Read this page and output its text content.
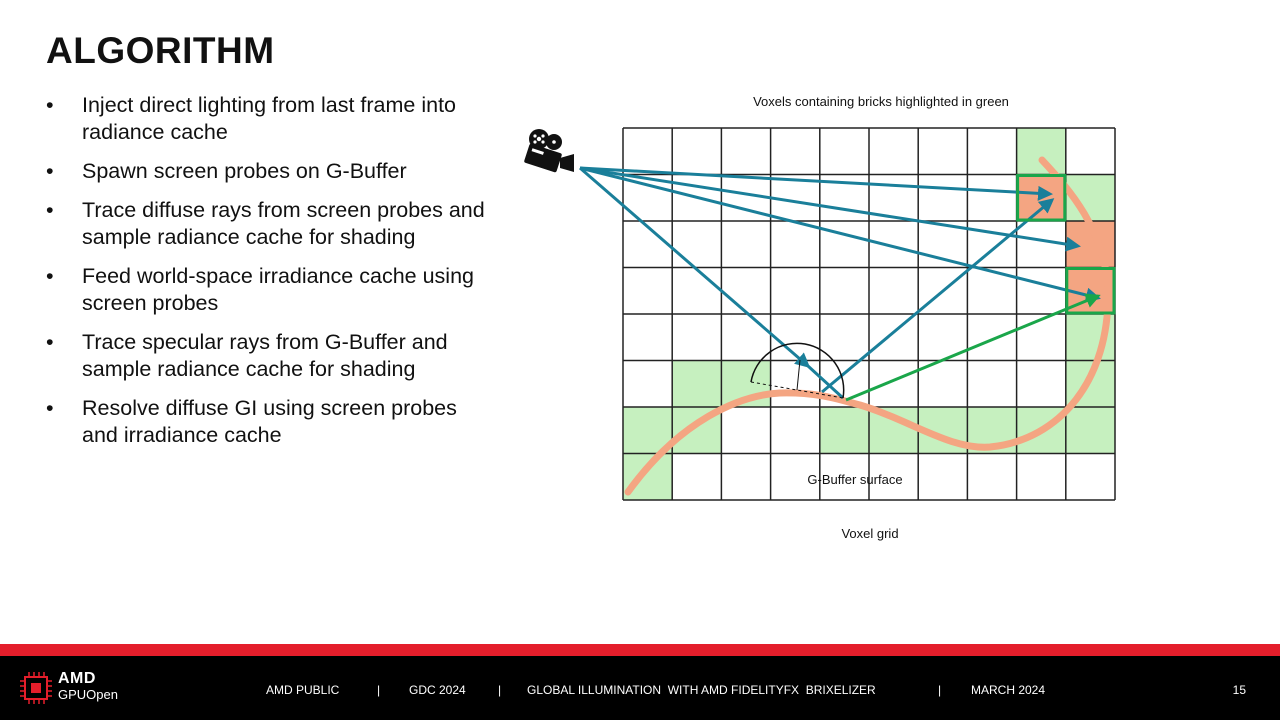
ALGORITHM
• Inject direct lighting from last frame into radiance cache
• Spawn screen probes on G-Buffer
• Trace diffuse rays from screen probes and sample radiance cache for shading
• Feed world-space irradiance cache using screen probes
• Trace specular rays from G-Buffer and sample radiance cache for shading
• Resolve diffuse GI using screen probes and irradiance cache
Voxels containing bricks highlighted in green
G-Buffer surface
Voxel grid
AMD
GPUOpen	AMD PUBLIC	| GDC 2024	| GLOBAL ILLUMINATION  WITH AMD FIDELITYFX  BRIXELIZER	| MARCH 2024	15
